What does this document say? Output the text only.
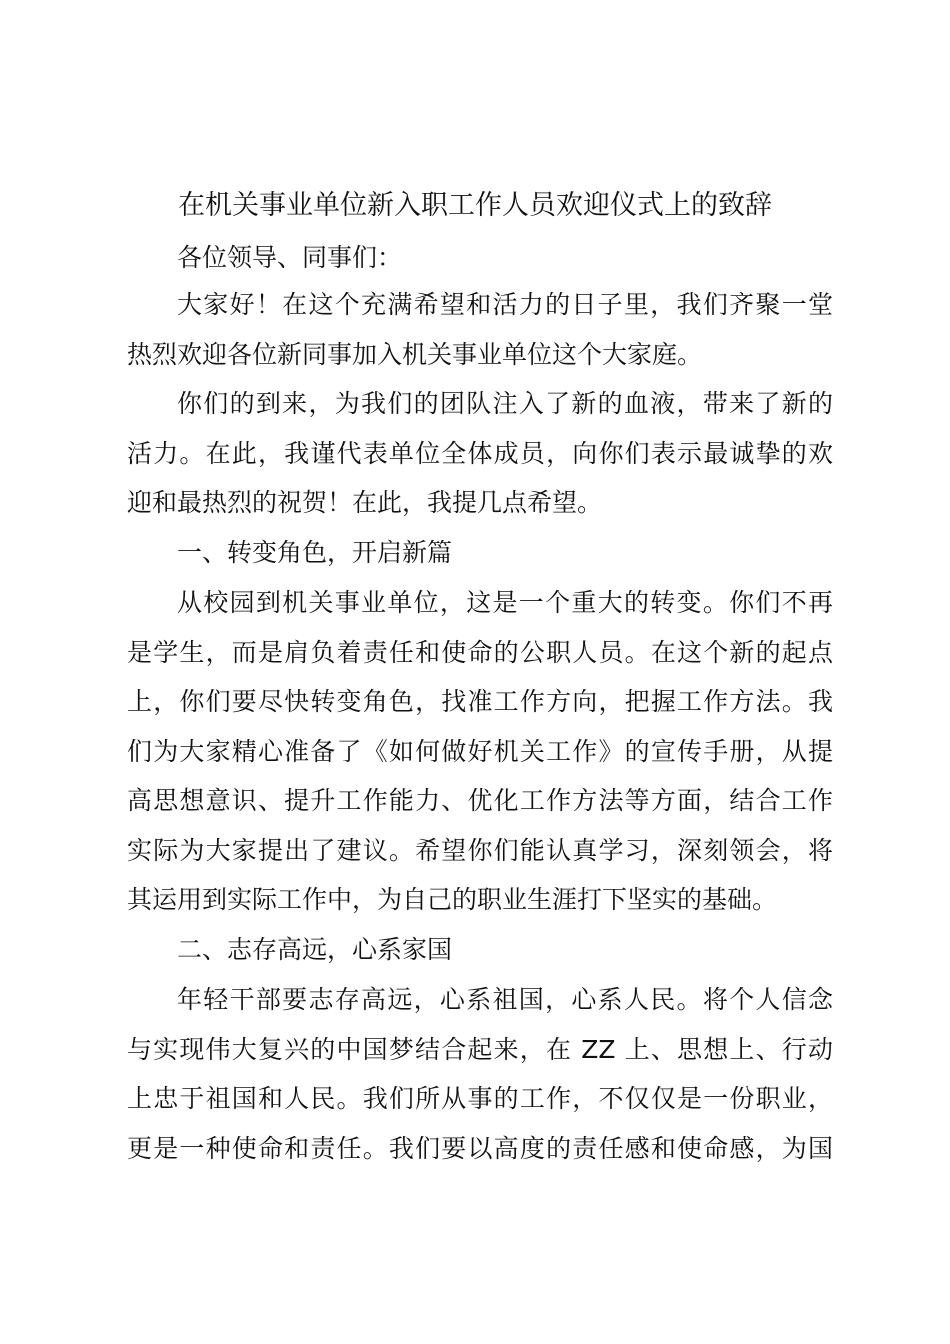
在机关事业单位新入职工作人员欢迎仪式上的致辞
各位领导、同事们：
大家好！在这个充满希望和活力的日子里，我们齐聚一堂
热烈欢迎各位新同事加入机关事业单位这个大家庭。
你们的到来，为我们的团队注入了新的血液，带来了新的
活力。在此，我谨代表单位全体成员，向你们表示最诚挚的欢
迎和最热烈的祝贺！在此，我提几点希望。
一、转变角色，开启新篇
从校园到机关事业单位，这是一个重大的转变。你们不再
是学生，而是肩负着责任和使命的公职人员。在这个新的起点
上，你们要尽快转变角色，找准工作方向，把握工作方法。我
们为大家精心准备了《如何做好机关工作》的宣传手册，从提
高思想意识、提升工作能力、优化工作方法等方面，结合工作
实际为大家提出了建议。希望你们能认真学习，深刻领会，将
其运用到实际工作中，为自己的职业生涯打下坚实的基础。
二、志存高远，心系家国
年轻干部要志存高远，心系祖国，心系人民。将个人信念
与实现伟大复兴的中国梦结合起来，在 ZZ 上、思想上、行动
上忠于祖国和人民。我们所从事的工作，不仅仅是一份职业，
更是一种使命和责任。我们要以高度的责任感和使命感，为国
